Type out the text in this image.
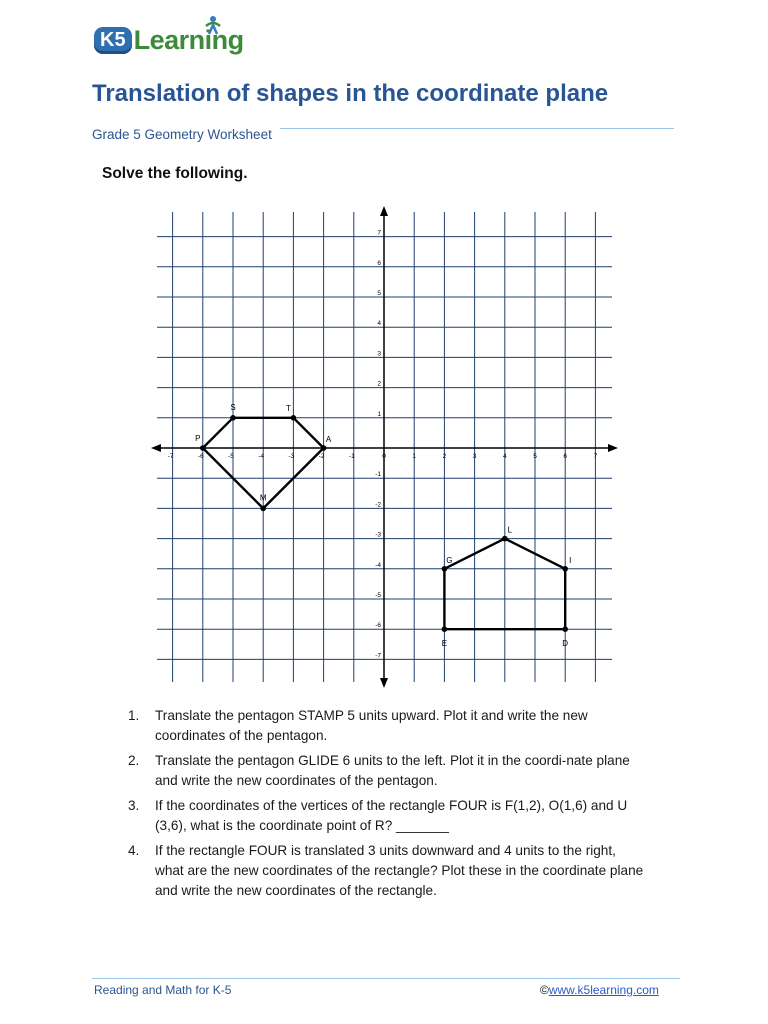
K5 Learning
Translation of shapes in the coordinate plane
Grade 5 Geometry Worksheet
Solve the following.
-7	-6	-5	-4	-3	-2	-1	0	1	2	3	4	5	6	7
7
6
5
4
3
2
1
-1
-2
-3
-4
-5
-6
-7
S	T
A
M
P
G
L
I
D
E
1.	Translate the pentagon STAMP 5 units upward. Plot it and write the new coordinates of the pentagon.
2.	Translate the pentagon GLIDE 6 units to the left. Plot it in the coordi-nate plane and write the new coordinates of the pentagon.
3.	If the coordinates of the vertices of the rectangle FOUR is F(1,2), O(1,6) and U (3,6), what is the coordinate point of R? _______
4.	If the rectangle FOUR is translated 3 units downward and 4 units to the right, what are the new coordinates of the rectangle? Plot these in the coordinate plane and write the new coordinates of the rectangle.
Reading and Math for K-5	©www.k5learning.com
